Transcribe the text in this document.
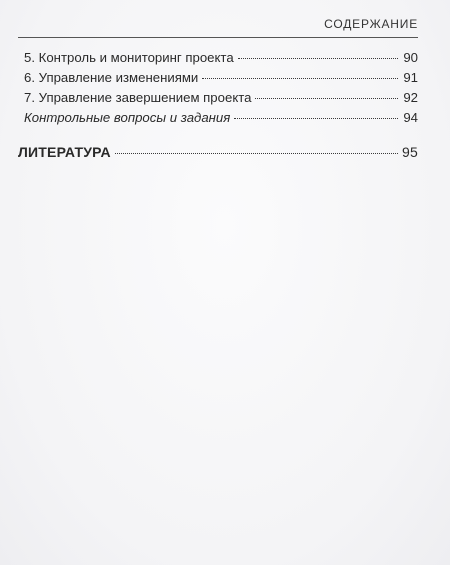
СОДЕРЖАНИЕ
5. Контроль и мониторинг проекта	90
6. Управление изменениями	91
7. Управление завершением проекта	92
Контрольные вопросы и задания	94
ЛИТЕРАТУРА	95
